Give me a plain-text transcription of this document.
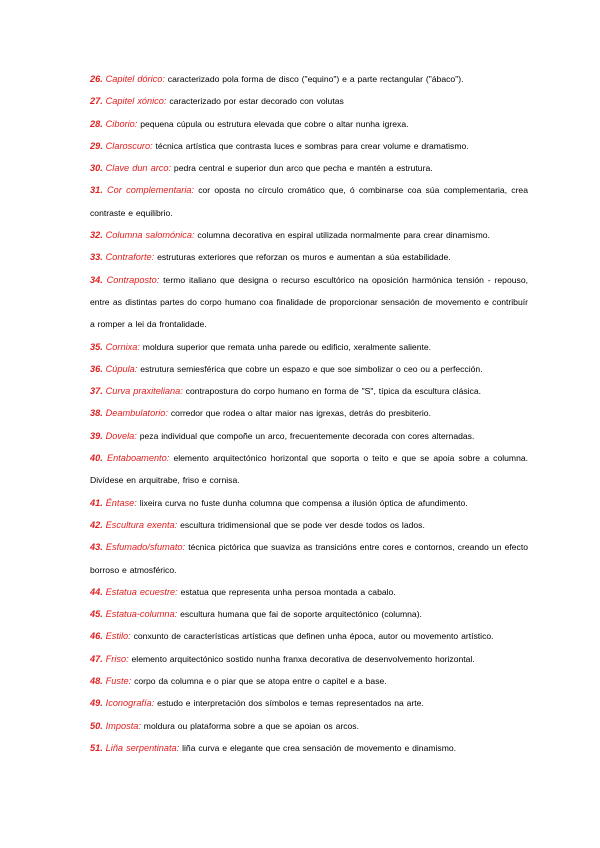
26. Capitel dórico: caracterizado pola forma de disco ("equino") e a parte rectangular ("ábaco").
27. Capitel xónico: caracterizado por estar decorado con volutas
28. Ciborio: pequena cúpula ou estrutura elevada que cobre o altar nunha igrexa.
29. Claroscuro: técnica artística que contrasta luces e sombras para crear volume e dramatismo.
30. Clave dun arco: pedra central e superior dun arco que pecha e mantén a estrutura.
31. Cor complementaria: cor oposta no círculo cromático que, ó combinarse coa súa complementaria, crea contraste e equilibrio.
32. Columna salomónica: columna decorativa en espiral utilizada normalmente para crear dinamismo.
33. Contraforte: estruturas exteriores que reforzan os muros e aumentan a súa estabilidade.
34. Contraposto: termo italiano que designa o recurso escultórico na oposición harmónica tensión - repouso, entre as distintas partes do corpo humano coa finalidade de proporcionar sensación de movemento e contribuír a romper a lei da frontalidade.
35. Cornixa: moldura superior que remata unha parede ou edificio, xeralmente saliente.
36. Cúpula: estrutura semiesférica que cobre un espazo e que soe simbolizar o ceo ou a perfección.
37. Curva praxiteliana: contrapostura do corpo humano en forma de "S", típica da escultura clásica.
38. Deambulatorio: corredor que rodea o altar maior nas igrexas, detrás do presbiterio.
39. Dovela: peza individual que compoñe un arco, frecuentemente decorada con cores alternadas.
40. Entaboamento: elemento arquitectónico horizontal que soporta o teito e que se apoia sobre a columna. Divídese en arquitrabe, friso e cornisa.
41. Éntase: lixeira curva no fuste dunha columna que compensa a ilusión óptica de afundimento.
42. Escultura exenta: escultura tridimensional que se pode ver desde todos os lados.
43. Esfumado/sfumato: técnica pictórica que suaviza as transicións entre cores e contornos, creando un efecto borroso e atmosférico.
44. Estatua ecuestre: estatua que representa unha persoa montada a cabalo.
45. Estatua-columna: escultura humana que fai de soporte arquitectónico (columna).
46. Estilo: conxunto de características artísticas que definen unha época, autor ou movemento artístico.
47. Friso: elemento arquitectónico sostido nunha franxa decorativa de desenvolvemento horizontal.
48. Fuste: corpo da columna e o piar que se atopa entre o capitel e a base.
49. Iconografía: estudo e interpretación dos símbolos e temas representados na arte.
50. Imposta: moldura ou plataforma sobre a que se apoian os arcos.
51. Liña serpentinata: liña curva e elegante que crea sensación de movemento e dinamismo.
